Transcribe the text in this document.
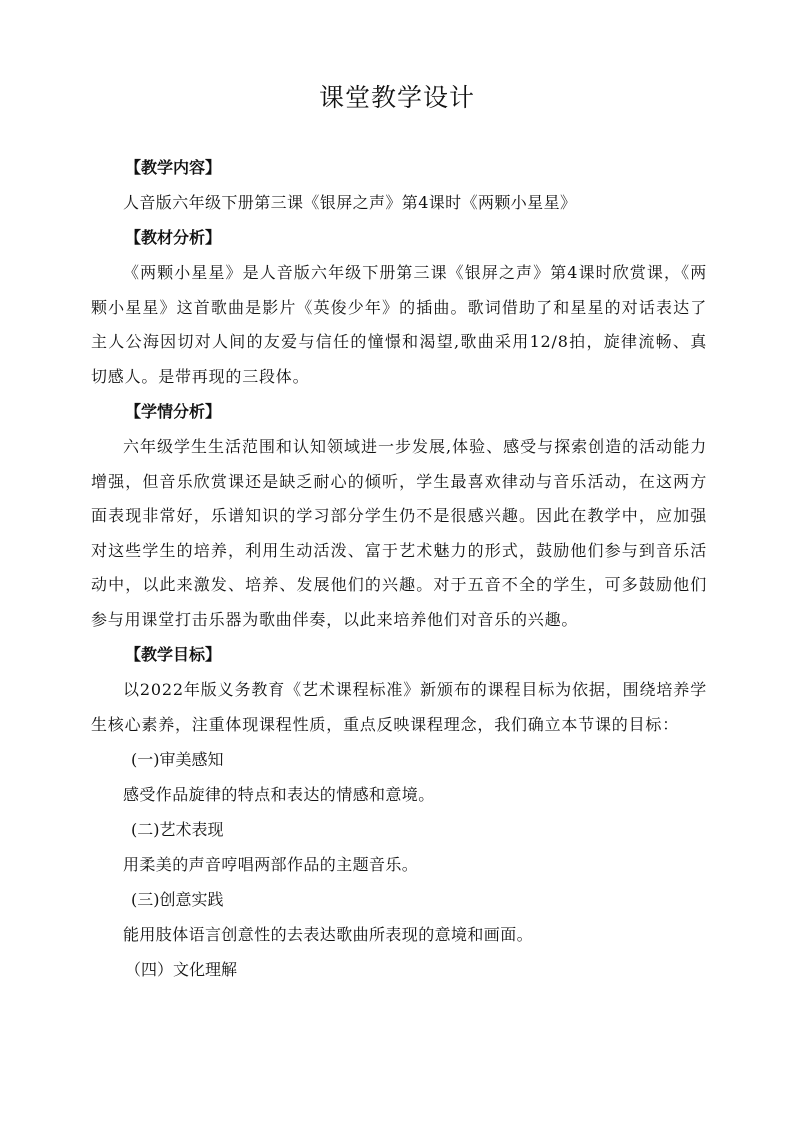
课堂教学设计

【教学内容】

人音版六年级下册第三课《银屏之声》第4课时《两颗小星星》

【教材分析】

《两颗小星星》是人音版六年级下册第三课《银屏之声》第4课时欣赏课，《两颗小星星》这首歌曲是影片《英俊少年》的插曲。歌词借助了和星星的对话表达了主人公海因切对人间的友爱与信任的憧憬和渴望,歌曲采用12/8拍，旋律流畅、真切感人。是带再现的三段体。

【学情分析】

六年级学生生活范围和认知领域进一步发展,体验、感受与探索创造的活动能力增强，但音乐欣赏课还是缺乏耐心的倾听，学生最喜欢律动与音乐活动，在这两方面表现非常好，乐谱知识的学习部分学生仍不是很感兴趣。因此在教学中，应加强对这些学生的培养，利用生动活泼、富于艺术魅力的形式，鼓励他们参与到音乐活动中，以此来激发、培养、发展他们的兴趣。对于五音不全的学生，可多鼓励他们参与用课堂打击乐器为歌曲伴奏，以此来培养他们对音乐的兴趣。

【教学目标】

以2022年版义务教育《艺术课程标准》新颁布的课程目标为依据，围绕培养学生核心素养，注重体现课程性质，重点反映课程理念，我们确立本节课的目标：

(一)审美感知

感受作品旋律的特点和表达的情感和意境。

(二)艺术表现

用柔美的声音哼唱两部作品的主题音乐。

(三)创意实践

能用肢体语言创意性的去表达歌曲所表现的意境和画面。

（四）文化理解
